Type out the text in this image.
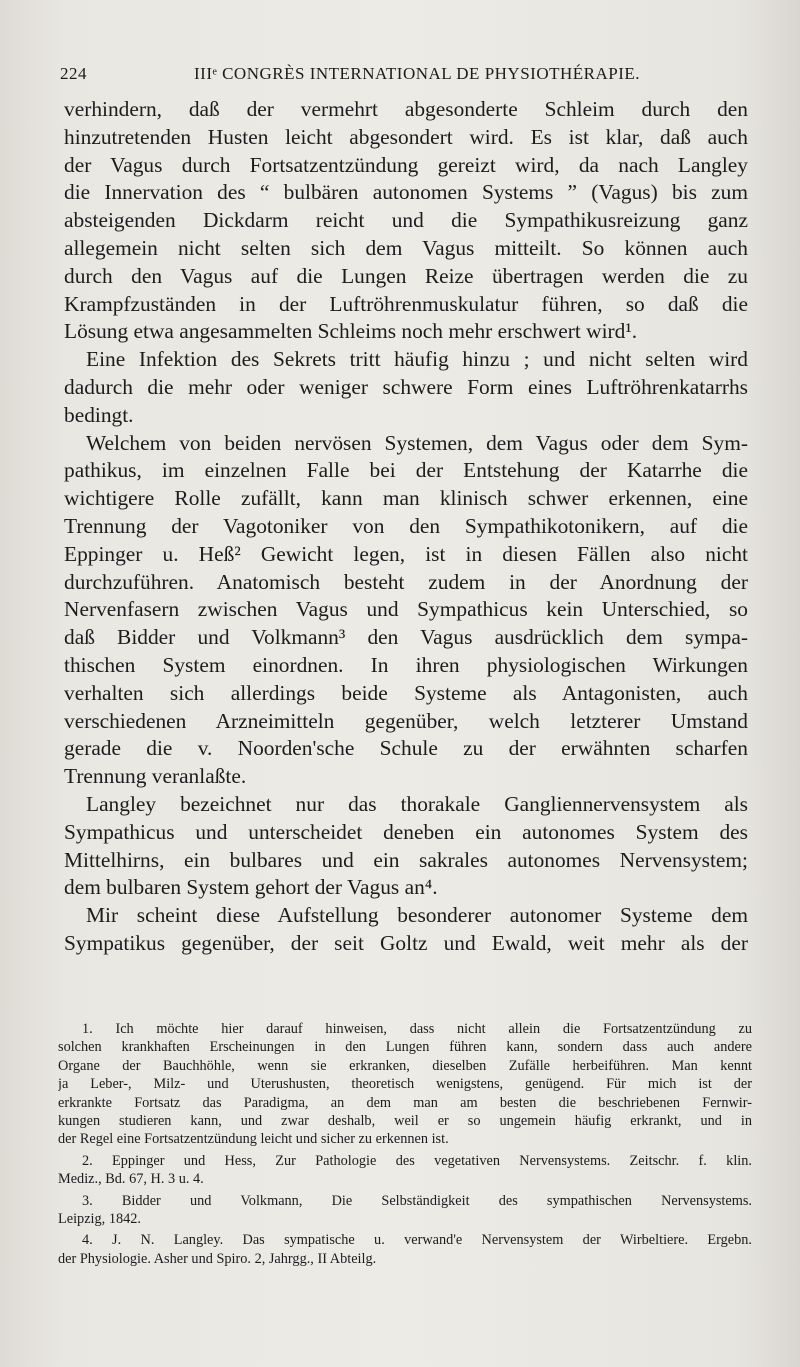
224	IIIᵉ CONGRÈS INTERNATIONAL DE PHYSIOTHÉRAPIE.
verhindern, daß der vermehrt abgesonderte Schleim durch den
hinzutretenden Husten leicht abgesondert wird. Es ist klar, daß auch
der Vagus durch Fortsatzentzündung gereizt wird, da nach Langley
die Innervation des “ bulbären autonomen Systems ” (Vagus) bis zum
absteigenden Dickdarm reicht und die Sympathikusreizung ganz
allegemein nicht selten sich dem Vagus mitteilt. So können auch
durch den Vagus auf die Lungen Reize übertragen werden die zu
Krampfzuständen in der Luftröhrenmuskulatur führen, so daß die
Lösung etwa angesammelten Schleims noch mehr erschwert wird¹.
Eine Infektion des Sekrets tritt häufig hinzu ; und nicht selten wird
dadurch die mehr oder weniger schwere Form eines Luftröhrenkatarrhs
bedingt.
Welchem von beiden nervösen Systemen, dem Vagus oder dem Sym-
pathikus, im einzelnen Falle bei der Entstehung der Katarrhe die
wichtigere Rolle zufällt, kann man klinisch schwer erkennen, eine
Trennung der Vagotoniker von den Sympathikotonikern, auf die
Eppinger u. Heß² Gewicht legen, ist in diesen Fällen also nicht
durchzuführen. Anatomisch besteht zudem in der Anordnung der
Nervenfasern zwischen Vagus und Sympathicus kein Unterschied, so
daß Bidder und Volkmann³ den Vagus ausdrücklich dem sympa-
thischen System einordnen. In ihren physiologischen Wirkungen
verhalten sich allerdings beide Systeme als Antagonisten, auch
verschiedenen Arzneimitteln gegenüber, welch letzterer Umstand
gerade die v. Noorden'sche Schule zu der erwähnten scharfen
Trennung veranlaßte.
Langley bezeichnet nur das thorakale Gangliennervensystem als
Sympathicus und unterscheidet deneben ein autonomes System des
Mittelhirns, ein bulbares und ein sakrales autonomes Nervensystem;
dem bulbaren System gehort der Vagus an⁴.
Mir scheint diese Aufstellung besonderer autonomer Systeme dem
Sympatikus gegenüber, der seit Goltz und Ewald, weit mehr als der
1. Ich möchte hier darauf hinweisen, dass nicht allein die Fortsatzentzündung zu
solchen krankhaften Erscheinungen in den Lungen führen kann, sondern dass auch andere
Organe der Bauchhöhle, wenn sie erkranken, dieselben Zufälle herbeiführen. Man kennt
ja Leber-, Milz- und Uterushusten, theoretisch wenigstens, genügend. Für mich ist der
erkrankte Fortsatz das Paradigma, an dem man am besten die beschriebenen Fernwir-
kungen studieren kann, und zwar deshalb, weil er so ungemein häufig erkrankt, und in
der Regel eine Fortsatzentzündung leicht und sicher zu erkennen ist.
2. Eppinger und Hess, Zur Pathologie des vegetativen Nervensystems. Zeitschr. f. klin.
Mediz., Bd. 67, H. 3 u. 4.
3. Bidder und Volkmann, Die Selbständigkeit des sympathischen Nervensystems.
Leipzig, 1842.
4. J. N. Langley. Das sympatische u. verwand'e Nervensystem der Wirbeltiere. Ergebn.
der Physiologie. Asher und Spiro. 2, Jahrgg., II Abteilg.
